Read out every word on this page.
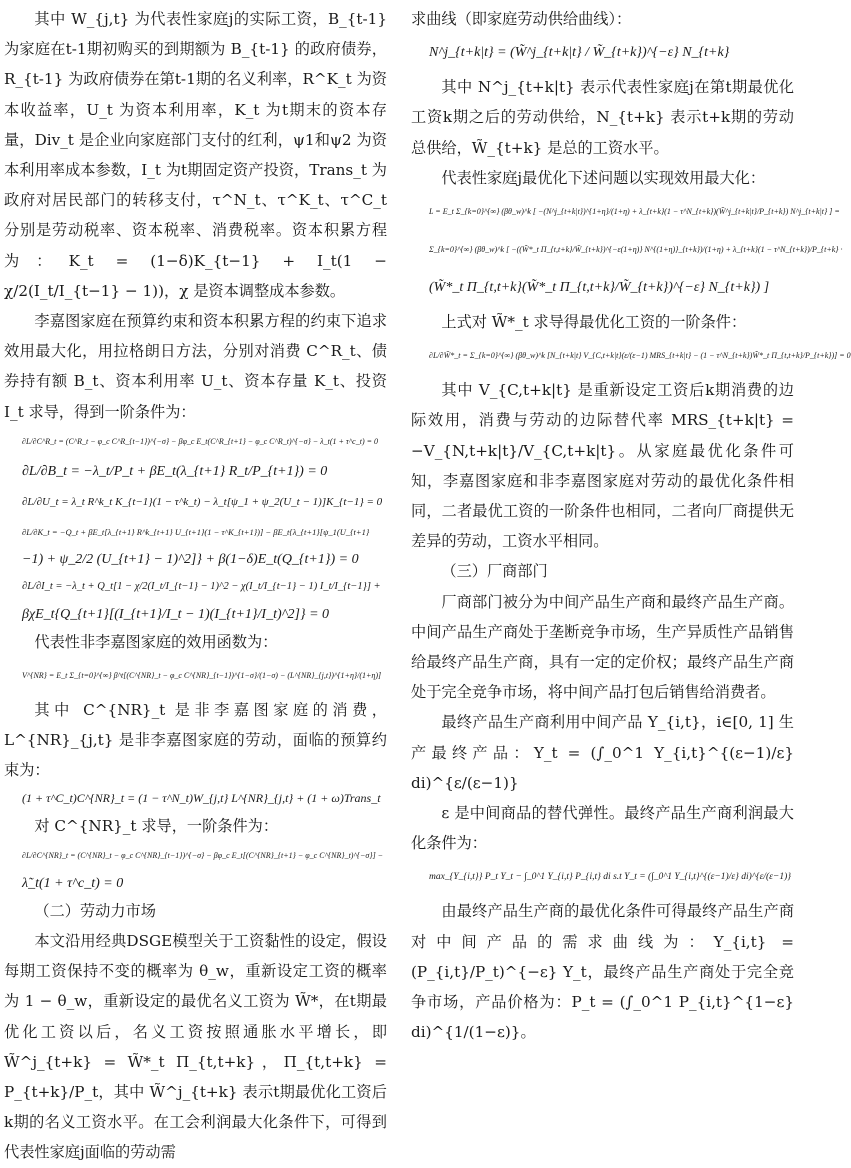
其中 W_{j,t} 为代表性家庭j的实际工资，B_{t-1} 为家庭在t-1期初购买的到期额为 B_{t-1} 的政府债券，R_{t-1} 为政府债券在第t-1期的名义利率，R^K_t 为资本收益率，U_t 为资本利用率，K_t 为t期末的资本存量，Div_t 是企业向家庭部门支付的红利，ψ1和ψ2 为资本利用率成本参数，I_t 为t期固定资产投资，Trans_t 为政府对居民部门的转移支付，τ^N_t、τ^K_t、τ^C_t 分别是劳动税率、资本税率、消费税率。资本积累方程为：K_t = (1−δ)K_{t−1} + I_t(1 − χ/2(I_t/I_{t−1} − 1))，χ 是资本调整成本参数。

李嘉图家庭在预算约束和资本积累方程的约束下追求效用最大化，用拉格朗日方法，分别对消费 C^R_t、债券持有额 B_t、资本利用率 U_t、资本存量 K_t、投资 I_t 求导，得到一阶条件为：

∂L/∂C^R_t = (C^R_t − φ_c C^R_{t−1})^{−σ} − βφ_c E_t(C^R_{t+1} − φ_c C^R_t)^{−σ} − λ_t(1 + τ^c_t) = 0

∂L/∂B_t = −λ_t/P_t + βE_t(λ_{t+1} R_t/P_{t+1}) = 0

∂L/∂U_t = λ_t R^k_t K_{t−1}(1 − τ^k_t) − λ_t[ψ_1 + ψ_2(U_t − 1)]K_{t−1} = 0

∂L/∂K_t = −Q_t + βE_t[λ_{t+1} R^k_{t+1} U_{t+1}(1 − τ^K_{t+1})] − βE_t{λ_{t+1}[ψ_1(U_{t+1}

−1) + ψ_2/2 (U_{t+1} − 1)^2]} + β(1−δ)E_t(Q_{t+1}) = 0

∂L/∂I_t = −λ_t + Q_t[1 − χ/2(I_t/I_{t−1} − 1)^2 − χ(I_t/I_{t−1} − 1) I_t/I_{t−1}] +

βχE_t{Q_{t+1}[(I_{t+1}/I_t − 1)(I_{t+1}/I_t)^2]} = 0

代表性非李嘉图家庭的效用函数为：

V^{NR} = E_t Σ_{t=0}^{∞} β^t[(C^{NR}_t − φ_c C^{NR}_{t−1})^{1−σ}/(1−σ) − (L^{NR}_{j,t})^{1+η}/(1+η)]

其中 C^{NR}_t 是非李嘉图家庭的消费，L^{NR}_{j,t} 是非李嘉图家庭的劳动，面临的预算约束为：

(1 + τ^C_t)C^{NR}_t = (1 − τ^N_t)W_{j,t} L^{NR}_{j,t} + (1 + ω)Trans_t

对 C^{NR}_t 求导，一阶条件为：

∂L/∂C^{NR}_t = (C^{NR}_t − φ_c C^{NR}_{t−1})^{−σ} − βφ_c E_t[(C^{NR}_{t+1} − φ_c C^{NR}_t)^{−σ}] −

λ̃_t(1 + τ^c_t) = 0

（二）劳动力市场

本文沿用经典DSGE模型关于工资黏性的设定，假设每期工资保持不变的概率为 θ_w，重新设定工资的概率为 1 − θ_w，重新设定的最优名义工资为 W̃*，在t期最优化工资以后，名义工资按照通胀水平增长，即 W̃^j_{t+k} = W̃*_t Π_{t,t+k}，Π_{t,t+k} = P_{t+k}/P_t，其中 W̃^j_{t+k} 表示t期最优化工资后k期的名义工资水平。在工会利润最大化条件下，可得到代表性家庭j面临的劳动需

求曲线（即家庭劳动供给曲线）：

N^j_{t+k|t} = (W̃^j_{t+k|t} / W̃_{t+k})^{−ε} N_{t+k}

其中 N^j_{t+k|t} 表示代表性家庭j在第t期最优化工资k期之后的劳动供给，N_{t+k} 表示t+k期的劳动总供给，W̃_{t+k} 是总的工资水平。

代表性家庭j最优化下述问题以实现效用最大化：

L = E_t Σ_{k=0}^{∞} (βθ_w)^k [ −(N^j_{t+k|t})^{1+η}/(1+η) + λ_{t+k}(1 − τ^N_{t+k})(W̃^j_{t+k|t}/P_{t+k}) N^j_{t+k|t} ] =

Σ_{k=0}^{∞} (βθ_w)^k [ −((W̃*_t Π_{t,t+k}/W̃_{t+k})^{−ε(1+η)} N^{(1+η)}_{t+k})/(1+η) + λ_{t+k}(1 − τ^N_{t+k})/P_{t+k} ·

(W̃*_t Π_{t,t+k}(W̃*_t Π_{t,t+k}/W̃_{t+k})^{−ε} N_{t+k}) ]

上式对 W̃*_t 求导得最优化工资的一阶条件：

∂L/∂W̃*_t = Σ_{k=0}^{∞} (βθ_w)^k [N_{t+k|t} V_{C,t+k|t}(ε/(ε−1) MRS_{t+k|t} − (1 − τ^N_{t+k})W̃*_t Π_{t,t+k}/P_{t+k})] = 0

其中 V_{C,t+k|t} 是重新设定工资后k期消费的边际效用，消费与劳动的边际替代率 MRS_{t+k|t} = −V_{N,t+k|t}/V_{C,t+k|t}。从家庭最优化条件可知，李嘉图家庭和非李嘉图家庭对劳动的最优化条件相同，二者最优工资的一阶条件也相同，二者向厂商提供无差异的劳动，工资水平相同。

（三）厂商部门

厂商部门被分为中间产品生产商和最终产品生产商。中间产品生产商处于垄断竞争市场，生产异质性产品销售给最终产品生产商，具有一定的定价权；最终产品生产商处于完全竞争市场，将中间产品打包后销售给消费者。

最终产品生产商利用中间产品 Y_{i,t}，i∈[0, 1] 生产最终产品：Y_t = (∫_0^1 Y_{i,t}^{(ε−1)/ε} di)^{ε/(ε−1)}

ε 是中间商品的替代弹性。最终产品生产商利润最大化条件为：

max_{Y_{i,t}} P_t Y_t − ∫_0^1 Y_{i,t} P_{i,t} di s.t Y_t = (∫_0^1 Y_{i,t}^{(ε−1)/ε} di)^{ε/(ε−1)}

由最终产品生产商的最优化条件可得最终产品生产商对中间产品的需求曲线为：Y_{i,t} = (P_{i,t}/P_t)^{−ε} Y_t，最终产品生产商处于完全竞争市场，产品价格为：P_t = (∫_0^1 P_{i,t}^{1−ε} di)^{1/(1−ε)}。
